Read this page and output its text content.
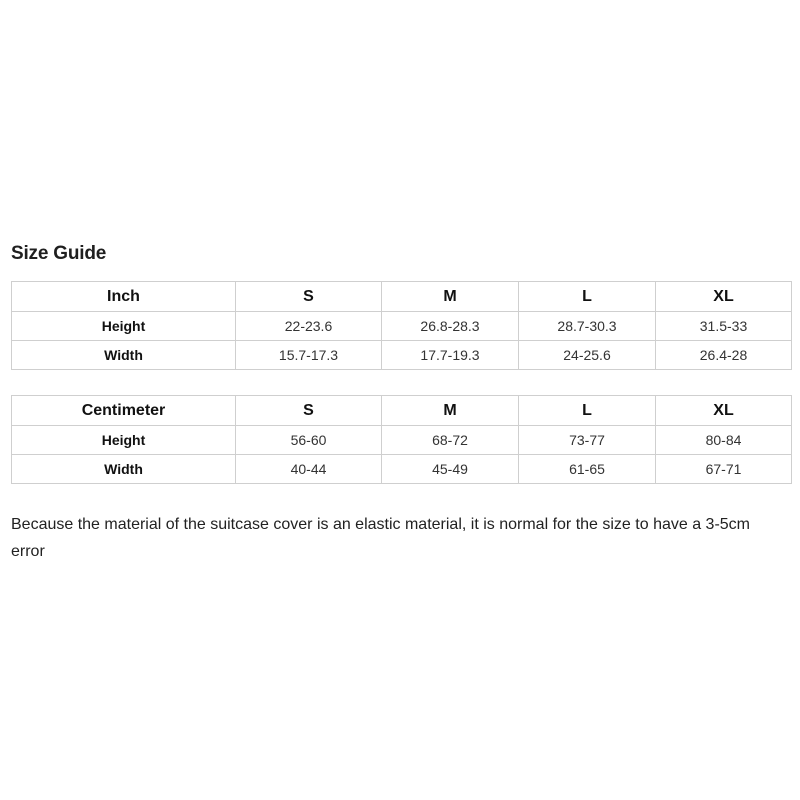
Size Guide
Inch	S	M	L	XL
Height	22-23.6	26.8-28.3	28.7-30.3	31.5-33
Width	15.7-17.3	17.7-19.3	24-25.6	26.4-28
Centimeter	S	M	L	XL
Height	56-60	68-72	73-77	80-84
Width	40-44	45-49	61-65	67-71
Because the material of the suitcase cover is an elastic material, it is normal for the size to have a 3-5cm error
